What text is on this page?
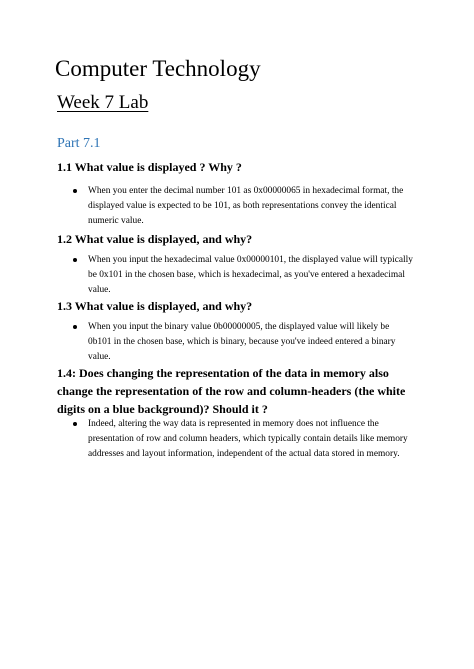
Computer Technology
Week 7 Lab
Part 7.1
1.1 What value is displayed ? Why ?
When you enter the decimal number 101 as 0x00000065 in hexadecimal format, the displayed value is expected to be 101, as both representations convey the identical numeric value.
1.2 What value is displayed, and why?
When you input the hexadecimal value 0x00000101, the displayed value will typically be 0x101 in the chosen base, which is hexadecimal, as you've entered a hexadecimal value.
1.3 What value is displayed, and why?
When you input the binary value 0b00000005, the displayed value will likely be 0b101 in the chosen base, which is binary, because you've indeed entered a binary value.
1.4: Does changing the representation of the data in memory also change the representation of the row and column-headers (the white digits on a blue background)? Should it ?
Indeed, altering the way data is represented in memory does not influence the presentation of row and column headers, which typically contain details like memory addresses and layout information, independent of the actual data stored in memory.
